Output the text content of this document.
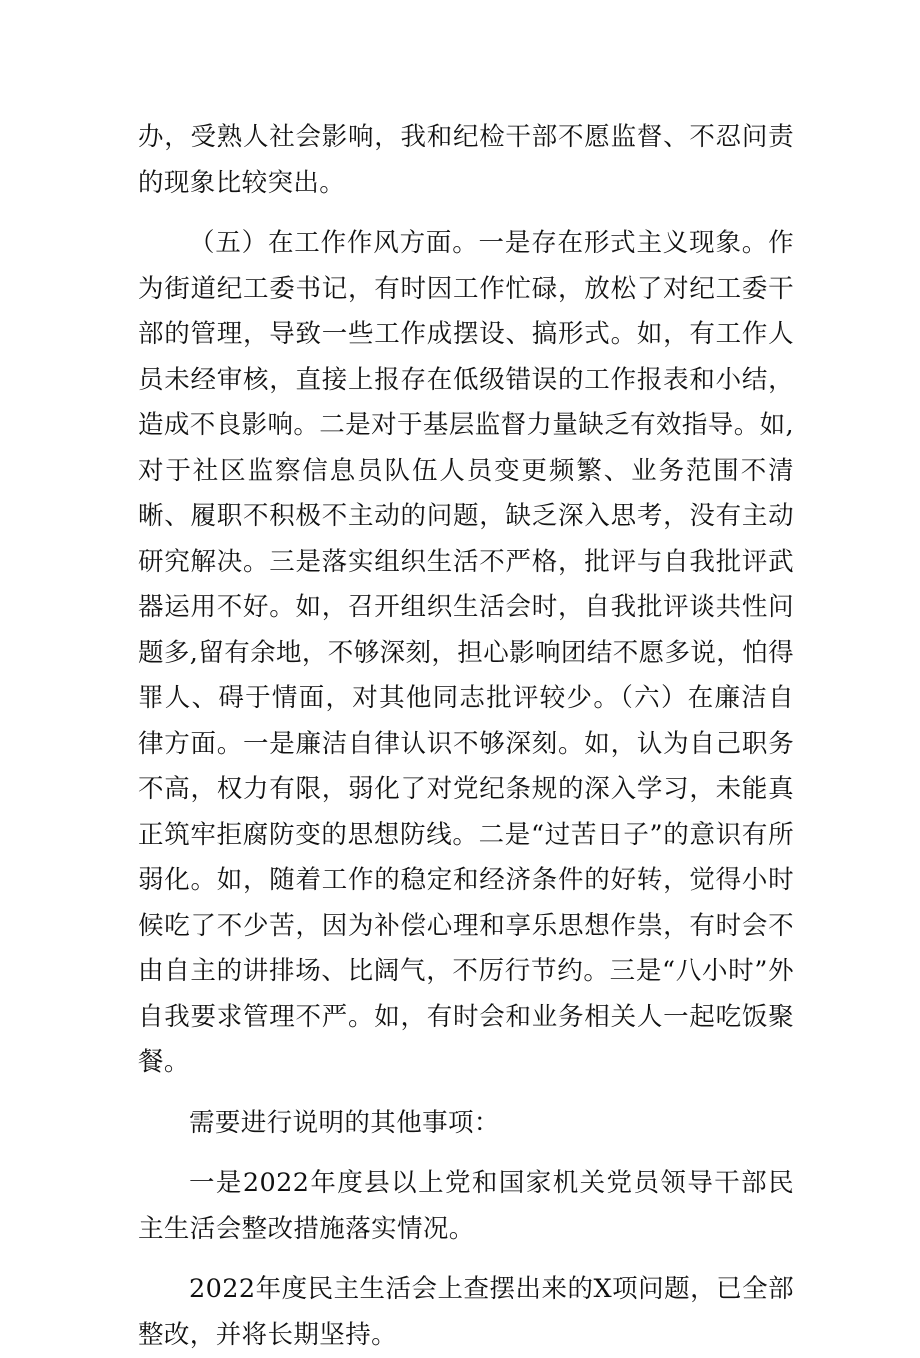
办，受熟人社会影响，我和纪检干部不愿监督、不忍问责的现象比较突出。

（五）在工作作风方面。一是存在形式主义现象。作为街道纪工委书记，有时因工作忙碌，放松了对纪工委干部的管理，导致一些工作成摆设、搞形式。如，有工作人员未经审核，直接上报存在低级错误的工作报表和小结，造成不良影响。二是对于基层监督力量缺乏有效指导。如,对于社区监察信息员队伍人员变更频繁、业务范围不清晰、履职不积极不主动的问题，缺乏深入思考，没有主动研究解决。三是落实组织生活不严格，批评与自我批评武器运用不好。如，召开组织生活会时，自我批评谈共性问题多,留有余地，不够深刻，担心影响团结不愿多说，怕得罪人、碍于情面，对其他同志批评较少。（六）在廉洁自律方面。一是廉洁自律认识不够深刻。如，认为自己职务不高，权力有限，弱化了对党纪条规的深入学习，未能真正筑牢拒腐防变的思想防线。二是“过苦日子”的意识有所弱化。如，随着工作的稳定和经济条件的好转，觉得小时候吃了不少苦，因为补偿心理和享乐思想作祟，有时会不由自主的讲排场、比阔气，不厉行节约。三是“八小时”外自我要求管理不严。如，有时会和业务相关人一起吃饭聚餐。

需要进行说明的其他事项：

一是2022年度县以上党和国家机关党员领导干部民主生活会整改措施落实情况。

2022年度民主生活会上查摆出来的X项问题，已全部整改，并将长期坚持。
